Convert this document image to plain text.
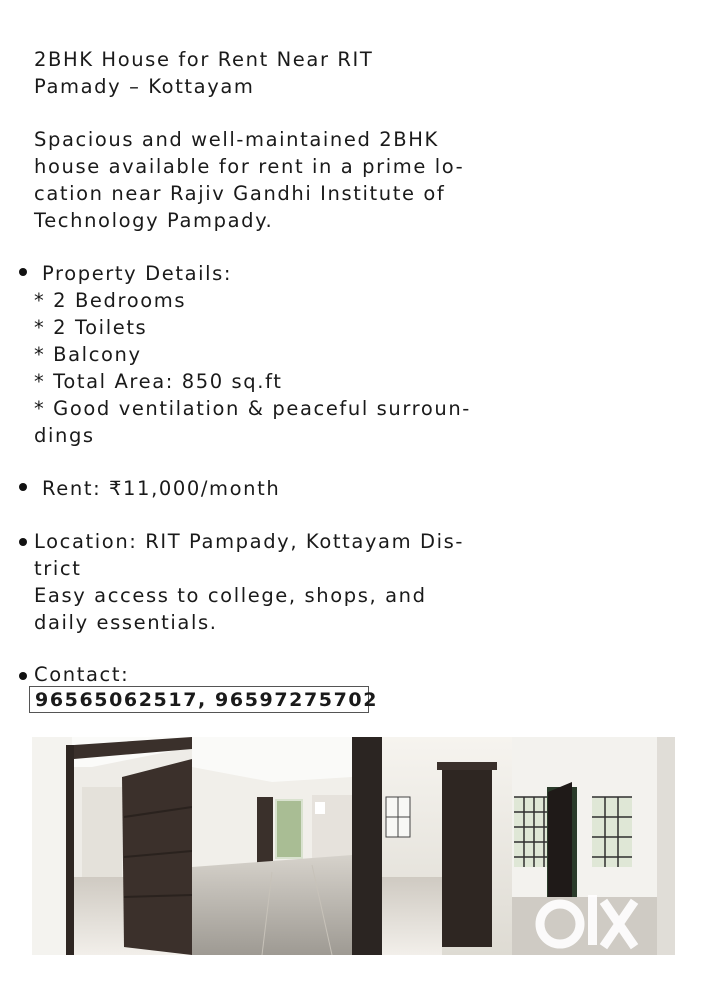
2BHK House for Rent Near RIT

Pamady – Kottayam

Spacious and well-maintained 2BHK

house available for rent in a prime lo-

cation near Rajiv Gandhi Institute of

Technology Pampady.

Property Details:

* 2 Bedrooms

* 2 Toilets

* Balcony

* Total Area: 850 sq.ft

* Good ventilation & peaceful surroun-

dings

Rent: ₹11,000/month

Location: RIT Pampady, Kottayam Dis-

trict

Easy access to college, shops, and

daily essentials.

Contact:

96565062517, 96597275702
